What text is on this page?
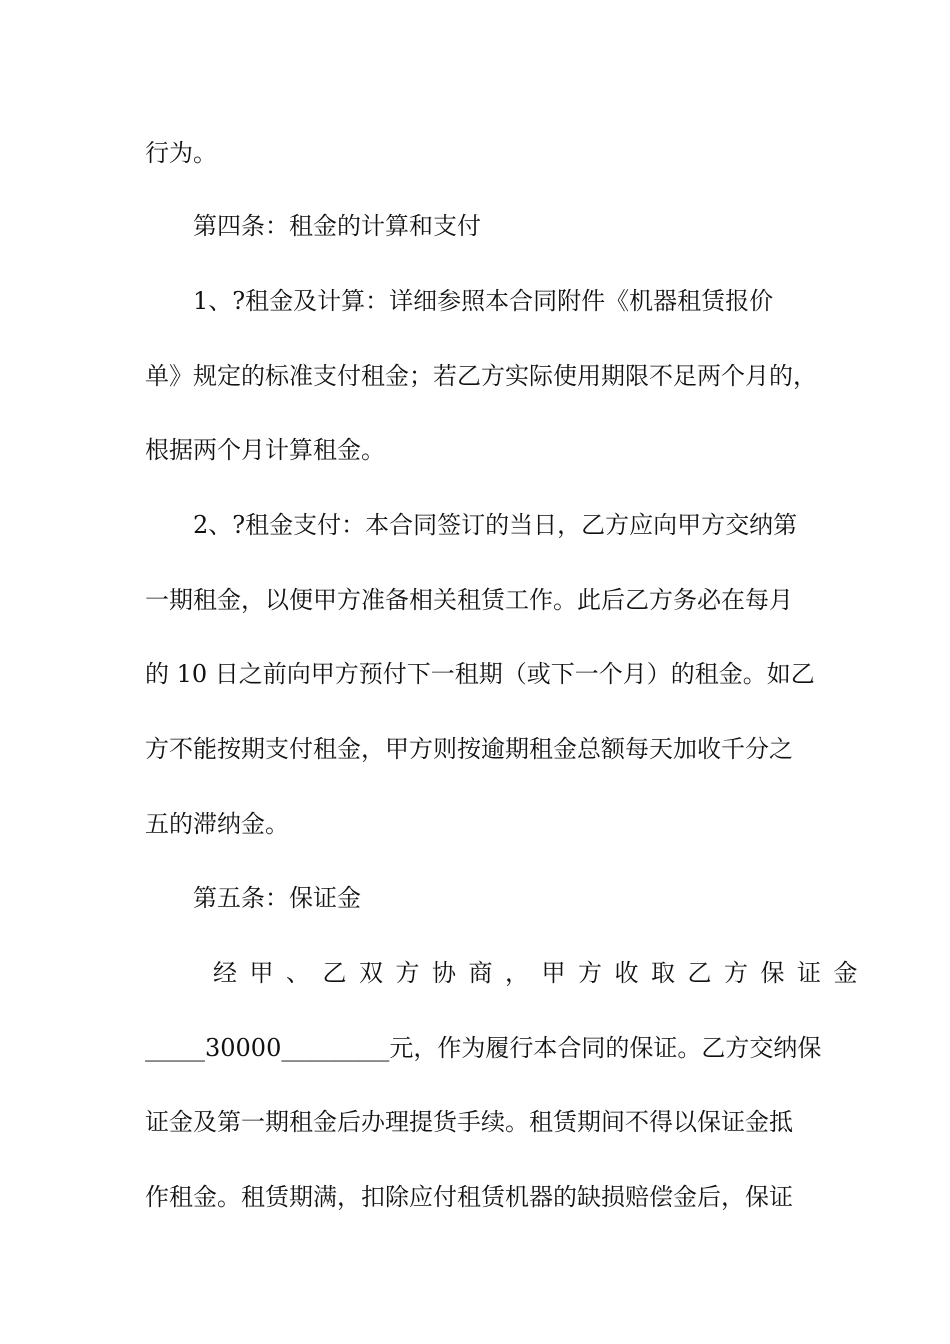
行为。
第四条：租金的计算和支付
1、?租金及计算：详细参照本合同附件《机器租赁报价
单》规定的标准支付租金；若乙方实际使用期限不足两个月的，
根据两个月计算租金。
2、?租金支付：本合同签订的当日，乙方应向甲方交纳第
一期租金，以便甲方准备相关租赁工作。此后乙方务必在每月
的 10 日之前向甲方预付下一租期（或下一个月）的租金。如乙
方不能按期支付租金，甲方则按逾期租金总额每天加收千分之
五的滞纳金。
第五条：保证金
经甲、乙双方协商，甲方收取乙方保证金
_____30000_________元，作为履行本合同的保证。乙方交纳保
证金及第一期租金后办理提货手续。租赁期间不得以保证金抵
作租金。租赁期满，扣除应付租赁机器的缺损赔偿金后，保证
